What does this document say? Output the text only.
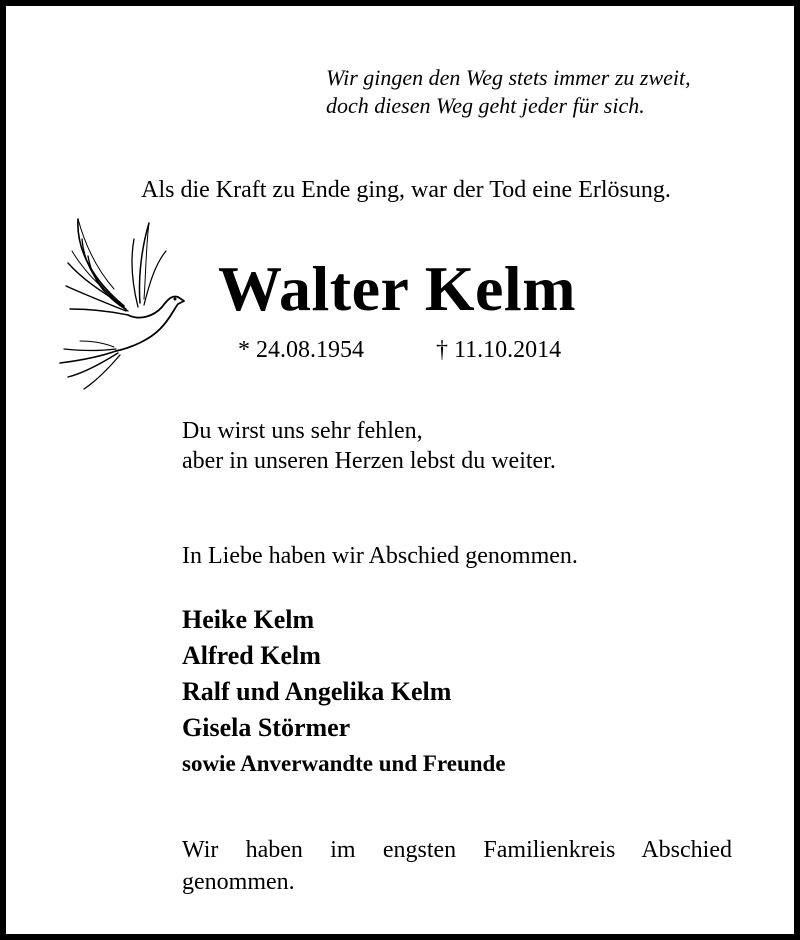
Wir gingen den Weg stets immer zu zweit,

doch diesen Weg geht jeder für sich.

Als die Kraft zu Ende ging, war der Tod eine Erlösung.

Walter Kelm
* 24.08.1954	† 11.10.2014

Du wirst uns sehr fehlen,

aber in unseren Herzen lebst du weiter.

In Liebe haben wir Abschied genommen.

Heike Kelm

Alfred Kelm

Ralf und Angelika Kelm

Gisela Störmer

sowie Anverwandte und Freunde

Wir haben im engsten Familienkreis Abschied genommen.
